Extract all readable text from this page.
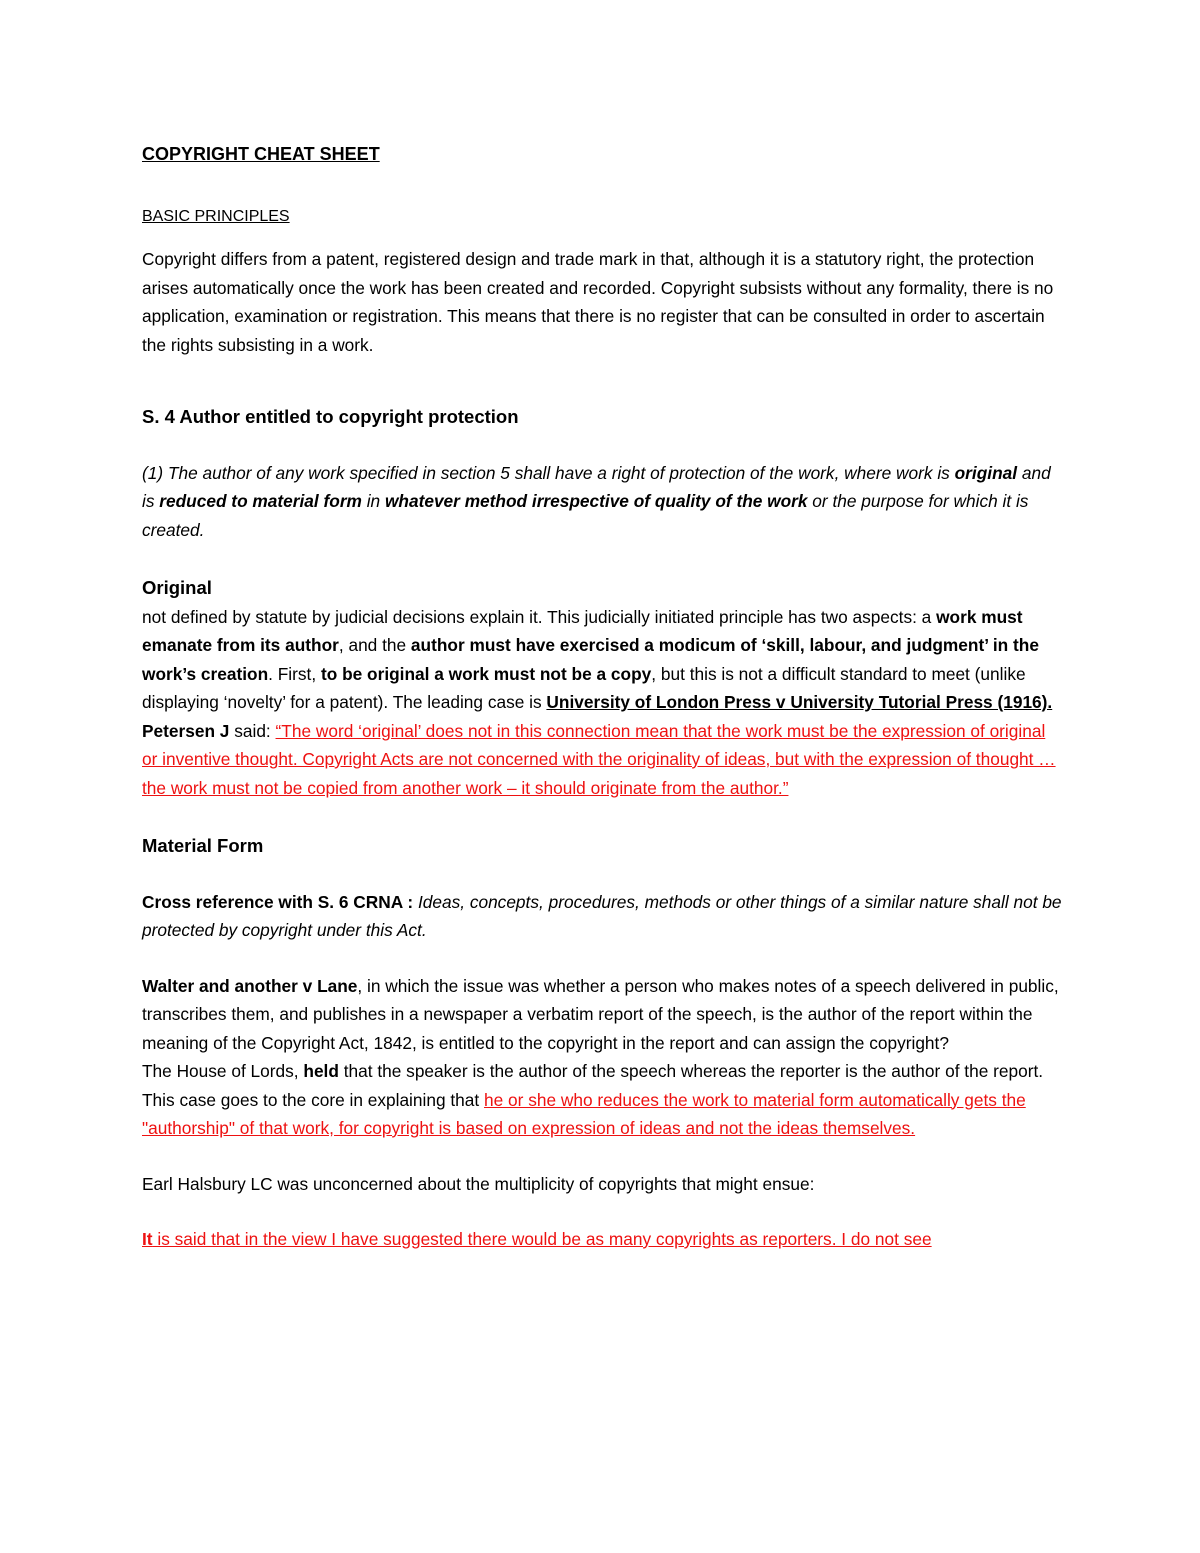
COPYRIGHT CHEAT SHEET

BASIC PRINCIPLES

Copyright differs from a patent, registered design and trade mark in that, although it is a statutory right, the protection arises automatically once the work has been created and recorded. Copyright subsists without any formality, there is no application, examination or registration. This means that there is no register that can be consulted in order to ascertain the rights subsisting in a work.

S. 4 Author entitled to copyright protection

(1) The author of any work specified in section 5 shall have a right of protection of the work, where work is original and is reduced to material form in whatever method irrespective of quality of the work or the purpose for which it is created.

Original

not defined by statute by judicial decisions explain it. This judicially initiated principle has two aspects: a work must emanate from its author, and the author must have exercised a modicum of ‘skill, labour, and judgment’ in the work’s creation. First, to be original a work must not be a copy, but this is not a difficult standard to meet (unlike displaying ‘novelty’ for a patent). The leading case is University of London Press v University Tutorial Press (1916).

Petersen J said: “The word ‘original’ does not in this connection mean that the work must be the expression of original or inventive thought. Copyright Acts are not concerned with the originality of ideas, but with the expression of thought … the work must not be copied from another work – it should originate from the author.”

Material Form

Cross reference with S. 6 CRNA : Ideas, concepts, procedures, methods or other things of a similar nature shall not be protected by copyright under this Act.

Walter and another v Lane, in which the issue was whether a person who makes notes of a speech delivered in public, transcribes them, and publishes in a newspaper a verbatim report of the speech, is the author of the report within the meaning of the Copyright Act, 1842, is entitled to the copyright in the report and can assign the copyright?

The House of Lords, held that the speaker is the author of the speech whereas the reporter is the author of the report. This case goes to the core in explaining that he or she who reduces the work to material form automatically gets the "authorship" of that work, for copyright is based on expression of ideas and not the ideas themselves.

Earl Halsbury LC was unconcerned about the multiplicity of copyrights that might ensue:

It is said that in the view I have suggested there would be as many copyrights as reporters. I do not see
